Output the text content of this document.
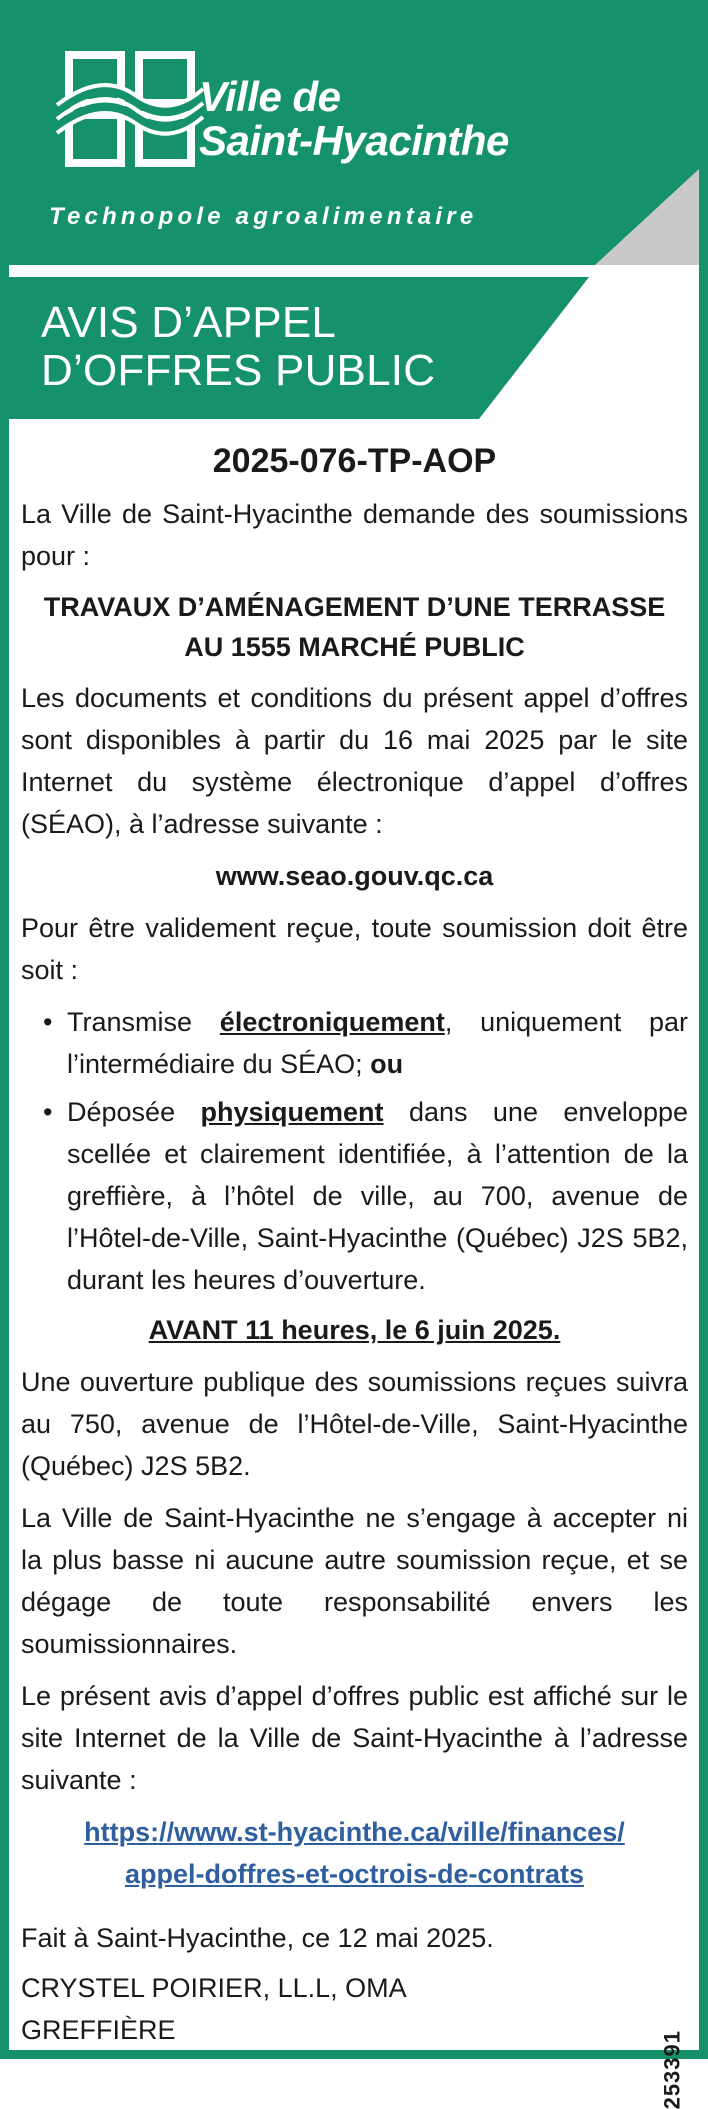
Ville de
Saint-Hyacinthe
Technopole agroalimentaire
AVIS D’APPEL
D’OFFRES PUBLIC
2025-076-TP-AOP

La Ville de Saint-Hyacinthe demande des soumissions pour :

TRAVAUX D’AMÉNAGEMENT D’UNE TERRASSE
AU 1555 MARCHÉ PUBLIC

Les documents et conditions du présent appel d’offres sont disponibles à partir du 16 mai 2025 par le site Internet du système électronique d’appel d’offres (SÉAO), à l’adresse suivante :

www.seao.gouv.qc.ca

Pour être validement reçue, toute soumission doit être soit :

• Transmise électroniquement, uniquement par l’intermédiaire du SÉAO; ou
• Déposée physiquement dans une enveloppe scellée et clairement identifiée, à l’attention de la greffière, à l’hôtel de ville, au 700, avenue de l’Hôtel-de-Ville, Saint-Hyacinthe (Québec) J2S 5B2, durant les heures d’ouverture.
AVANT 11 heures, le 6 juin 2025.

Une ouverture publique des soumissions reçues suivra au 750, avenue de l’Hôtel-de-Ville, Saint-Hyacinthe (Québec) J2S 5B2.

La Ville de Saint-Hyacinthe ne s’engage à accepter ni la plus basse ni aucune autre soumission reçue, et se dégage de toute responsabilité envers les soumissionnaires.

Le présent avis d’appel d’offres public est affiché sur le site Internet de la Ville de Saint-Hyacinthe à l’adresse suivante :

https://www.st-hyacinthe.ca/ville/finances/
appel-doffres-et-octrois-de-contrats

Fait à Saint-Hyacinthe, ce 12 mai 2025.

CRYSTEL POIRIER, LL.L, OMA

GREFFIÈRE	253391
